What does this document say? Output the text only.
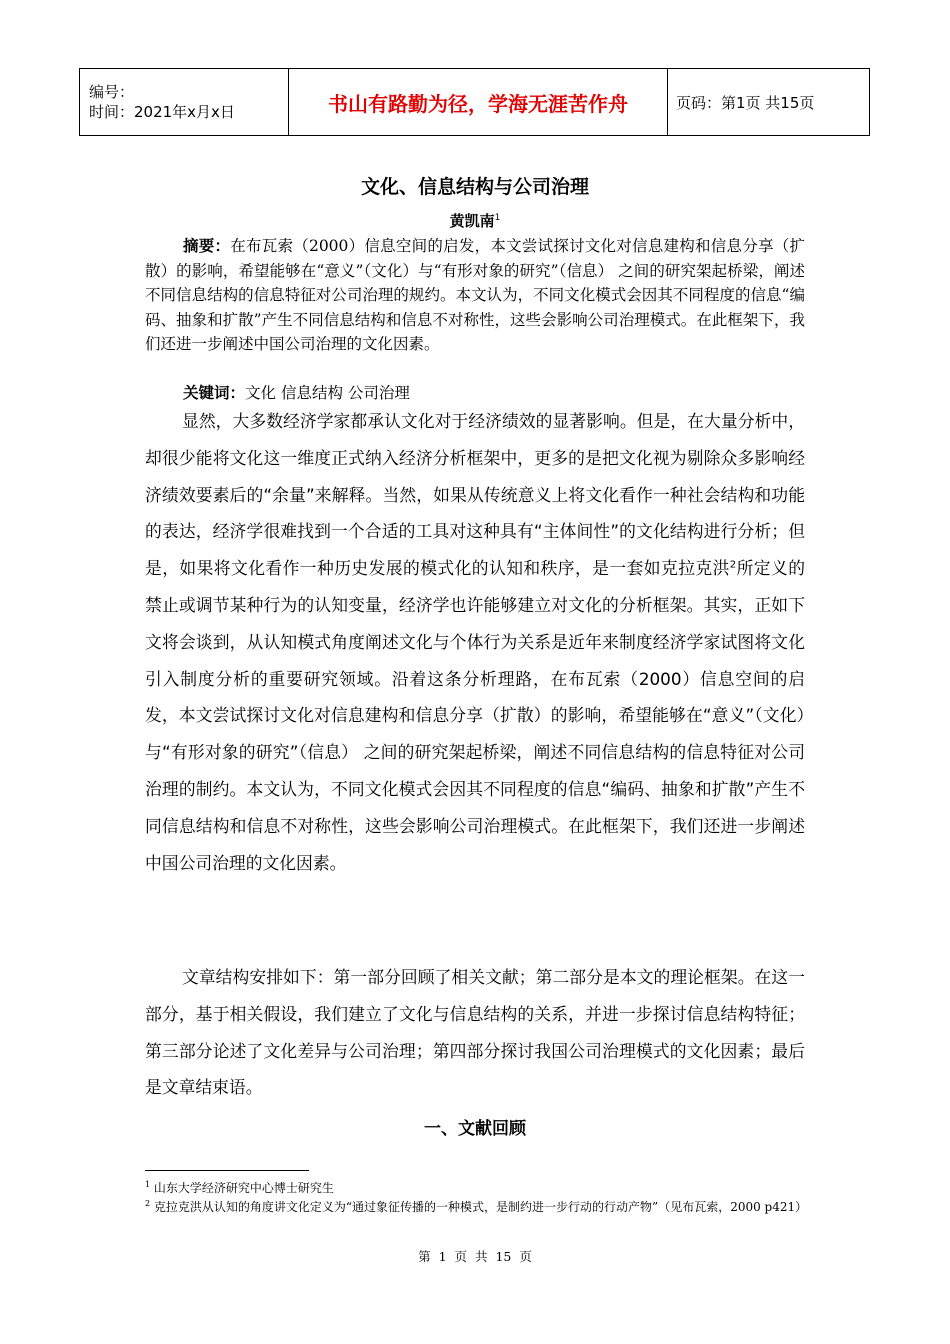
编号：
时间：2021年x月x日	书山有路勤为径，学海无涯苦作舟	页码：第1页 共15页
文化、信息结构与公司治理
黄凯南$^1$

摘要：在布瓦索（2000）信息空间的启发，本文尝试探讨文化对信息建构和信息分享（扩散）的影响，希望能够在“意义”（文化）与“有形对象的研究”（信息） 之间的研究架起桥梁，阐述不同信息结构的信息特征对公司治理的规约。本文认为，不同文化模式会因其不同程度的信息“编码、抽象和扩散”产生不同信息结构和信息不对称性，这些会影响公司治理模式。在此框架下，我们还进一步阐述中国公司治理的文化因素。

关键词：文化 信息结构 公司治理

显然，大多数经济学家都承认文化对于经济绩效的显著影响。但是，在大量分析中，却很少能将文化这一维度正式纳入经济分析框架中，更多的是把文化视为剔除众多影响经济绩效要素后的“余量”来解释。当然，如果从传统意义上将文化看作一种社会结构和功能的表达，经济学很难找到一个合适的工具对这种具有“主体间性”的文化结构进行分析；但是，如果将文化看作一种历史发展的模式化的认知和秩序，是一套如克拉克洪$^2$所定义的禁止或调节某种行为的认知变量，经济学也许能够建立对文化的分析框架。其实，正如下文将会谈到，从认知模式角度阐述文化与个体行为关系是近年来制度经济学家试图将文化引入制度分析的重要研究领域。沿着这条分析理路，在布瓦索（2000）信息空间的启发，本文尝试探讨文化对信息建构和信息分享（扩散）的影响，希望能够在“意义”（文化）与“有形对象的研究”（信息） 之间的研究架起桥梁，阐述不同信息结构的信息特征对公司治理的制约。本文认为，不同文化模式会因其不同程度的信息“编码、抽象和扩散”产生不同信息结构和信息不对称性，这些会影响公司治理模式。在此框架下，我们还进一步阐述中国公司治理的文化因素。

文章结构安排如下：第一部分回顾了相关文献；第二部分是本文的理论框架。在这一部分，基于相关假设，我们建立了文化与信息结构的关系，并进一步探讨信息结构特征；第三部分论述了文化差异与公司治理；第四部分探讨我国公司治理模式的文化因素；最后是文章结束语。

一、文献回顾

$^1$ 山东大学经济研究中心博士研究生

$^2$ 克拉克洪从认知的角度讲文化定义为“通过象征传播的一种模式，是制约进一步行动的行动产物”（见布瓦索，2000 p421）

第 1 页 共 15 页
